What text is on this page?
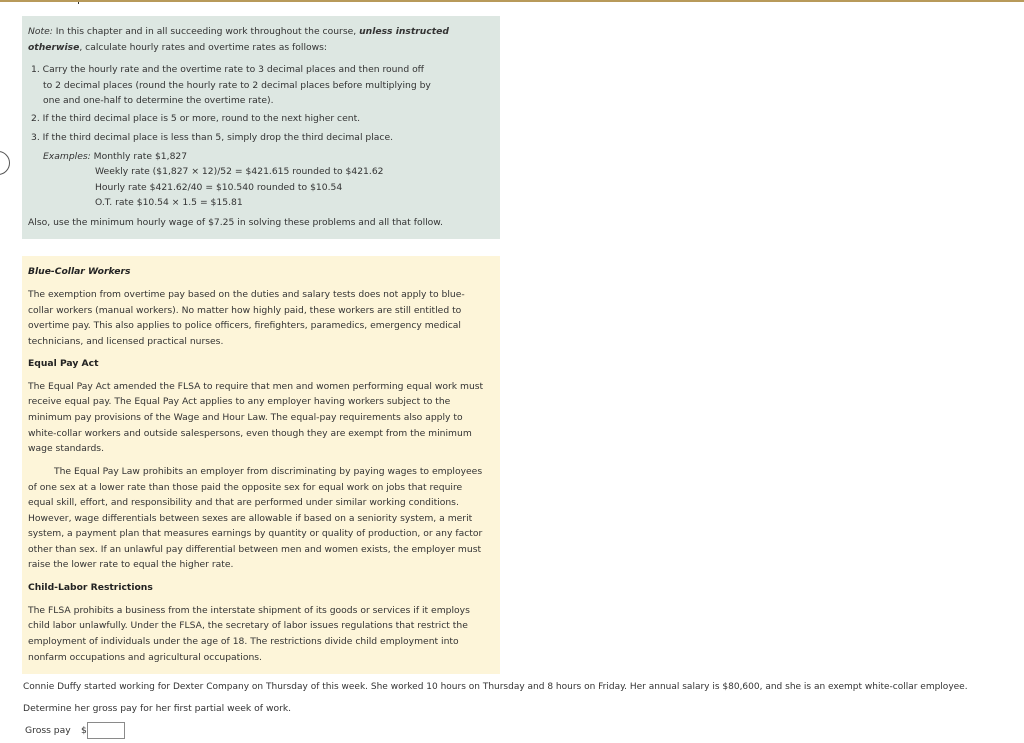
Note: In this chapter and in all succeeding work throughout the course, unless instructed
otherwise, calculate hourly rates and overtime rates as follows:
1. Carry the hourly rate and the overtime rate to 3 decimal places and then round off
to 2 decimal places (round the hourly rate to 2 decimal places before multiplying by
one and one-half to determine the overtime rate).
2. If the third decimal place is 5 or more, round to the next higher cent.
3. If the third decimal place is less than 5, simply drop the third decimal place.
Examples: Monthly rate $1,827
Weekly rate ($1,827 × 12)/52 = $421.615 rounded to $421.62
Hourly rate $421.62/40 = $10.540 rounded to $10.54
O.T. rate $10.54 × 1.5 = $15.81
Also, use the minimum hourly wage of $7.25 in solving these problems and all that follow.
Blue-Collar Workers
The exemption from overtime pay based on the duties and salary tests does not apply to blue-
collar workers (manual workers). No matter how highly paid, these workers are still entitled to
overtime pay. This also applies to police officers, firefighters, paramedics, emergency medical
technicians, and licensed practical nurses.
Equal Pay Act
The Equal Pay Act amended the FLSA to require that men and women performing equal work must
receive equal pay. The Equal Pay Act applies to any employer having workers subject to the
minimum pay provisions of the Wage and Hour Law. The equal-pay requirements also apply to
white-collar workers and outside salespersons, even though they are exempt from the minimum
wage standards.
The Equal Pay Law prohibits an employer from discriminating by paying wages to employees
of one sex at a lower rate than those paid the opposite sex for equal work on jobs that require
equal skill, effort, and responsibility and that are performed under similar working conditions.
However, wage differentials between sexes are allowable if based on a seniority system, a merit
system, a payment plan that measures earnings by quantity or quality of production, or any factor
other than sex. If an unlawful pay differential between men and women exists, the employer must
raise the lower rate to equal the higher rate.
Child-Labor Restrictions
The FLSA prohibits a business from the interstate shipment of its goods or services if it employs
child labor unlawfully. Under the FLSA, the secretary of labor issues regulations that restrict the
employment of individuals under the age of 18. The restrictions divide child employment into
nonfarm occupations and agricultural occupations.
Connie Duffy started working for Dexter Company on Thursday of this week. She worked 10 hours on Thursday and 8 hours on Friday. Her annual salary is $80,600, and she is an exempt white-collar employee.
Determine her gross pay for her first partial week of work.
Gross pay $
